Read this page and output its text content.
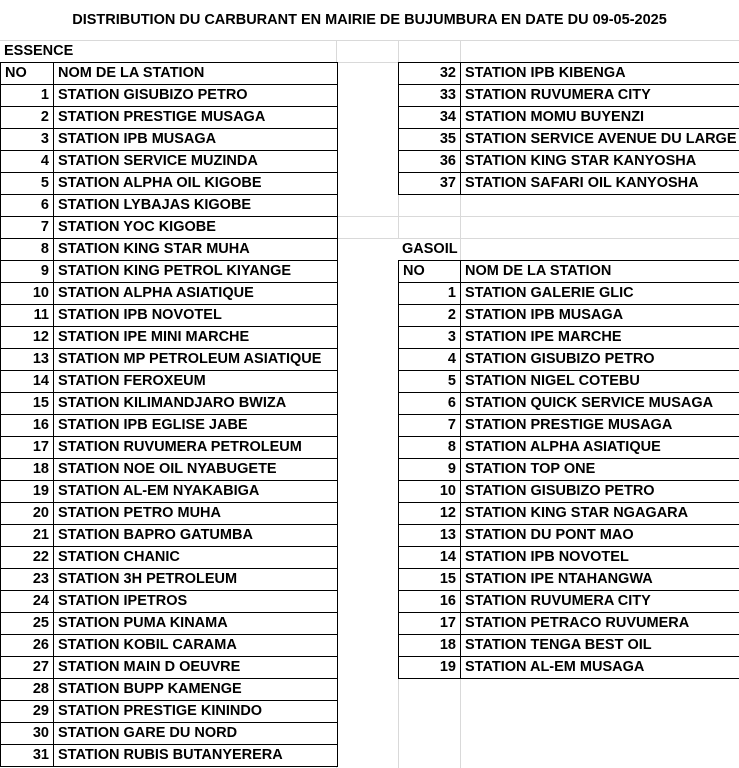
DISTRIBUTION DU CARBURANT EN MAIRIE DE BUJUMBURA EN DATE DU 09-05-2025
ESSENCE
NO	NOM DE LA STATION
1	STATION GISUBIZO PETRO
2	STATION PRESTIGE MUSAGA
3	STATION IPB MUSAGA
4	STATION SERVICE MUZINDA
5	STATION ALPHA OIL KIGOBE
6	STATION LYBAJAS KIGOBE
7	STATION YOC KIGOBE
8	STATION KING STAR MUHA
9	STATION KING PETROL KIYANGE
10	STATION ALPHA ASIATIQUE
11	STATION IPB NOVOTEL
12	STATION IPE MINI MARCHE
13	STATION MP PETROLEUM ASIATIQUE
14	STATION FEROXEUM
15	STATION KILIMANDJARO BWIZA
16	STATION IPB EGLISE JABE
17	STATION RUVUMERA PETROLEUM
18	STATION NOE OIL NYABUGETE
19	STATION AL-EM NYAKABIGA
20	STATION PETRO MUHA
21	STATION BAPRO GATUMBA
22	STATION CHANIC
23	STATION 3H PETROLEUM
24	STATION IPETROS
25	STATION PUMA KINAMA
26	STATION KOBIL CARAMA
27	STATION MAIN D OEUVRE
28	STATION BUPP KAMENGE
29	STATION PRESTIGE KININDO
30	STATION GARE DU NORD
31	STATION RUBIS BUTANYERERA
32	STATION IPB KIBENGA
33	STATION RUVUMERA CITY
34	STATION MOMU BUYENZI
35	STATION SERVICE AVENUE DU LARGE
36	STATION KING STAR KANYOSHA
37	STATION SAFARI OIL KANYOSHA
GASOIL
NO	NOM DE LA STATION
1	STATION GALERIE GLIC
2	STATION IPB MUSAGA
3	STATION IPE MARCHE
4	STATION GISUBIZO PETRO
5	STATION NIGEL COTEBU
6	STATION QUICK SERVICE MUSAGA
7	STATION PRESTIGE MUSAGA
8	STATION ALPHA ASIATIQUE
9	STATION TOP ONE
10	STATION GISUBIZO PETRO
12	STATION KING STAR NGAGARA
13	STATION DU PONT MAO
14	STATION IPB NOVOTEL
15	STATION IPE NTAHANGWA
16	STATION RUVUMERA CITY
17	STATION PETRACO RUVUMERA
18	STATION TENGA BEST OIL
19	STATION AL-EM MUSAGA
